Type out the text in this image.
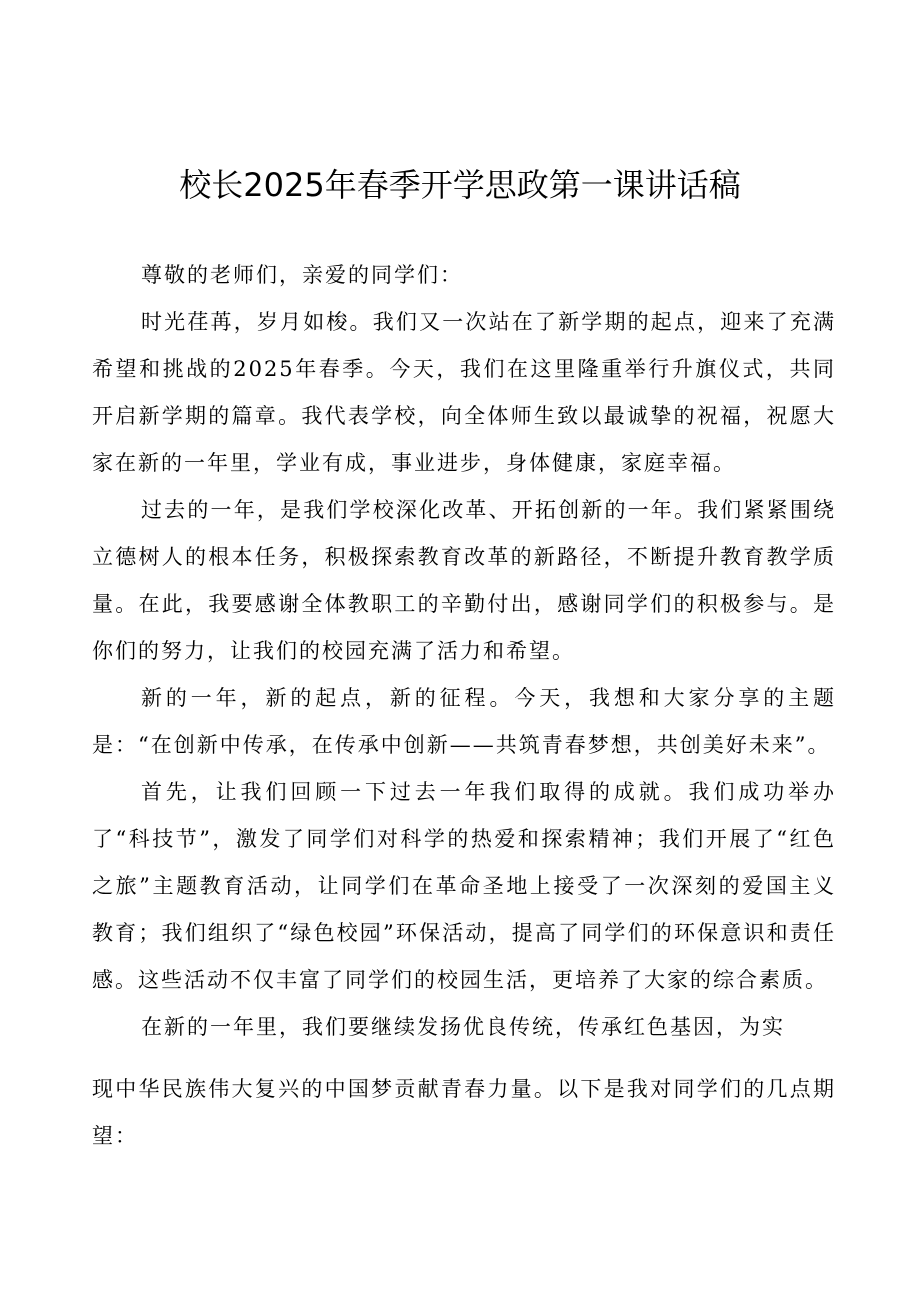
校长2025年春季开学思政第一课讲话稿

尊敬的老师们，亲爱的同学们：

时光荏苒，岁月如梭。我们又一次站在了新学期的起点，迎来了充满希望和挑战的2025年春季。今天，我们在这里隆重举行升旗仪式，共同开启新学期的篇章。我代表学校，向全体师生致以最诚挚的祝福，祝愿大家在新的一年里，学业有成，事业进步，身体健康，家庭幸福。

过去的一年，是我们学校深化改革、开拓创新的一年。我们紧紧围绕立德树人的根本任务，积极探索教育改革的新路径，不断提升教育教学质量。在此，我要感谢全体教职工的辛勤付出，感谢同学们的积极参与。是你们的努力，让我们的校园充满了活力和希望。

新的一年，新的起点，新的征程。今天，我想和大家分享的主题是：“在创新中传承，在传承中创新——共筑青春梦想，共创美好未来”。

首先，让我们回顾一下过去一年我们取得的成就。我们成功举办了“科技节”，激发了同学们对科学的热爱和探索精神；我们开展了“红色之旅”主题教育活动，让同学们在革命圣地上接受了一次深刻的爱国主义教育；我们组织了“绿色校园”环保活动，提高了同学们的环保意识和责任感。这些活动不仅丰富了同学们的校园生活，更培养了大家的综合素质。

在新的一年里，我们要继续发扬优良传统，传承红色基因，为实

现中华民族伟大复兴的中国梦贡献青春力量。以下是我对同学们的几点期望：
